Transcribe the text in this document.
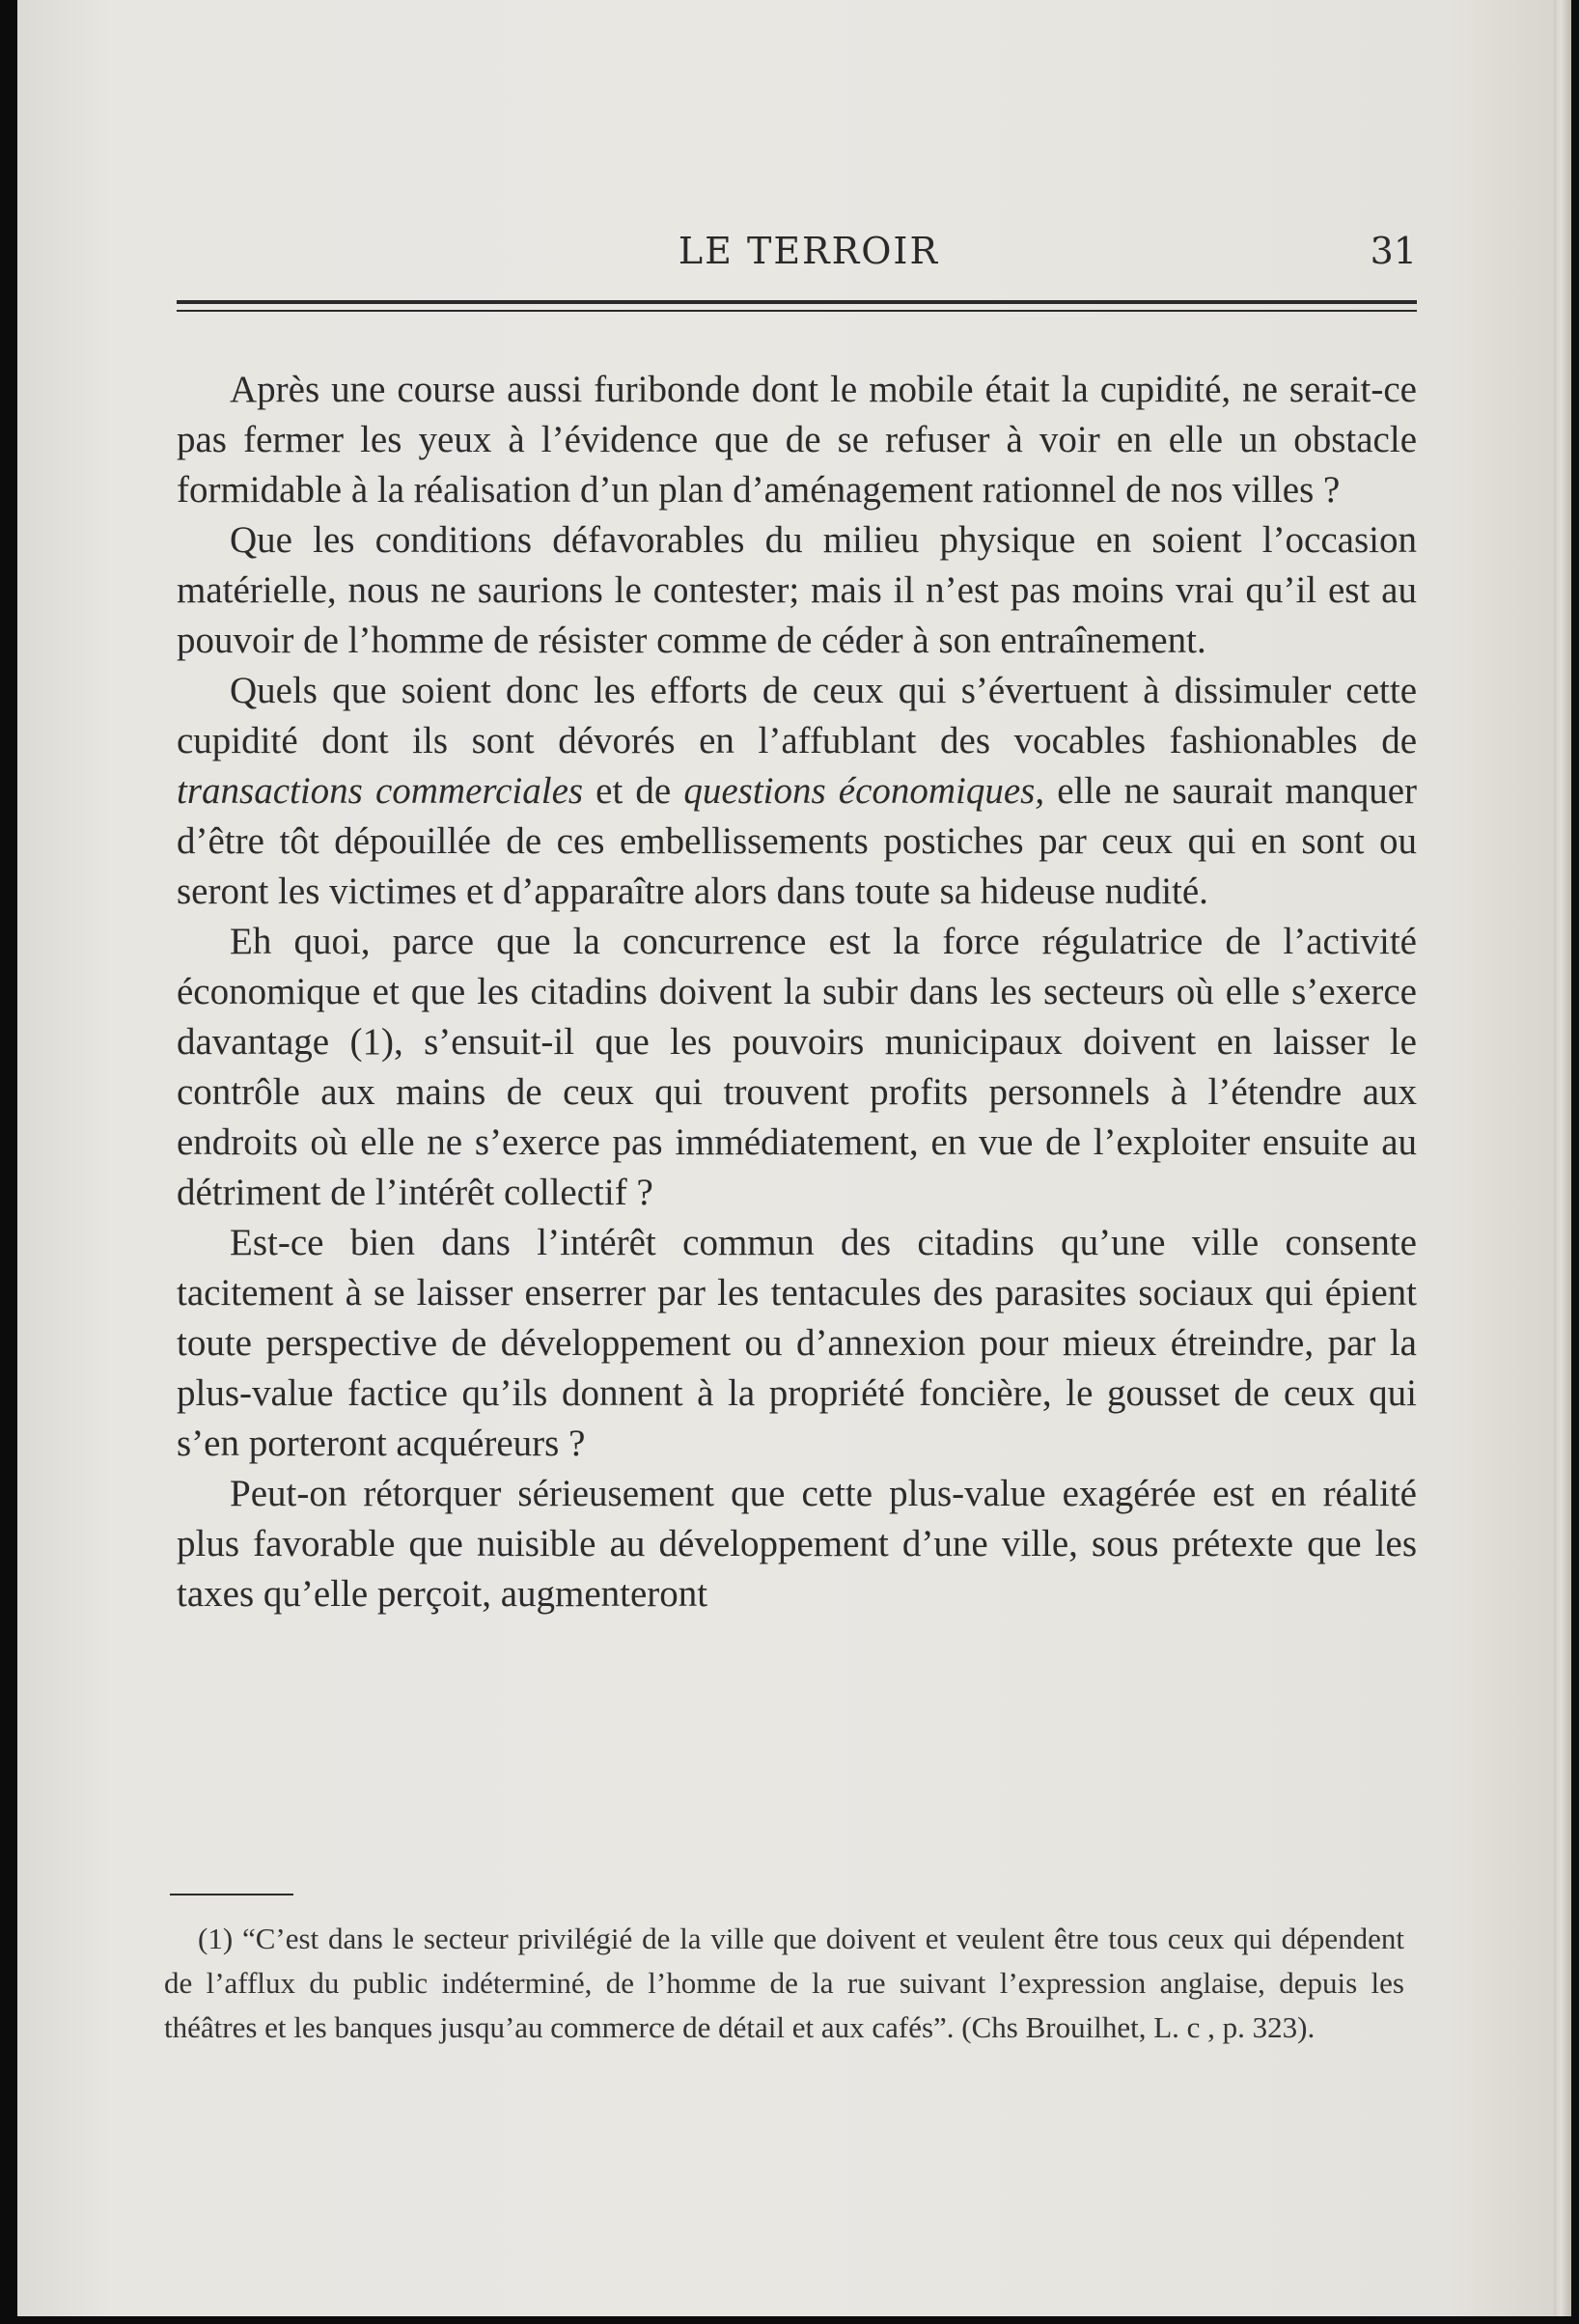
LE TERROIR	31

Après une course aussi furibonde dont le mobile était la cupidité, ne serait-ce pas fermer les yeux à l’évidence que de se refuser à voir en elle un obstacle formidable à la réalisation d’un plan d’aménagement rationnel de nos villes ?

Que les conditions défavorables du milieu physique en soient l’occasion matérielle, nous ne saurions le contester; mais il n’est pas moins vrai qu’il est au pouvoir de l’homme de résister comme de céder à son entraînement.

Quels que soient donc les efforts de ceux qui s’évertuent à dissimuler cette cupidité dont ils sont dévorés en l’affublant des vocables fashionables de transactions commerciales et de questions économiques, elle ne saurait manquer d’être tôt dépouillée de ces embellissements postiches par ceux qui en sont ou seront les victimes et d’apparaître alors dans toute sa hideuse nudité.

Eh quoi, parce que la concurrence est la force régulatrice de l’activité économique et que les citadins doivent la subir dans les secteurs où elle s’exerce davantage (1), s’ensuit-il que les pouvoirs municipaux doivent en laisser le contrôle aux mains de ceux qui trouvent profits personnels à l’étendre aux endroits où elle ne s’exerce pas immédiatement, en vue de l’exploiter ensuite au détriment de l’intérêt collectif ?

Est-ce bien dans l’intérêt commun des citadins qu’une ville consente tacitement à se laisser enserrer par les tentacules des parasites sociaux qui épient toute perspective de développement ou d’annexion pour mieux étreindre, par la plus-value factice qu’ils donnent à la propriété foncière, le gousset de ceux qui s’en porteront acquéreurs ?

Peut-on rétorquer sérieusement que cette plus-value exagérée est en réalité plus favorable que nuisible au développement d’une ville, sous prétexte que les taxes qu’elle perçoit, augmenteront

(1) “C’est dans le secteur privilégié de la ville que doivent et veulent être tous ceux qui dépendent de l’afflux du public indéterminé, de l’homme de la rue suivant l’expression anglaise, depuis les théâtres et les banques jusqu’au commerce de détail et aux cafés”. (Chs Brouilhet, L. c , p. 323).
